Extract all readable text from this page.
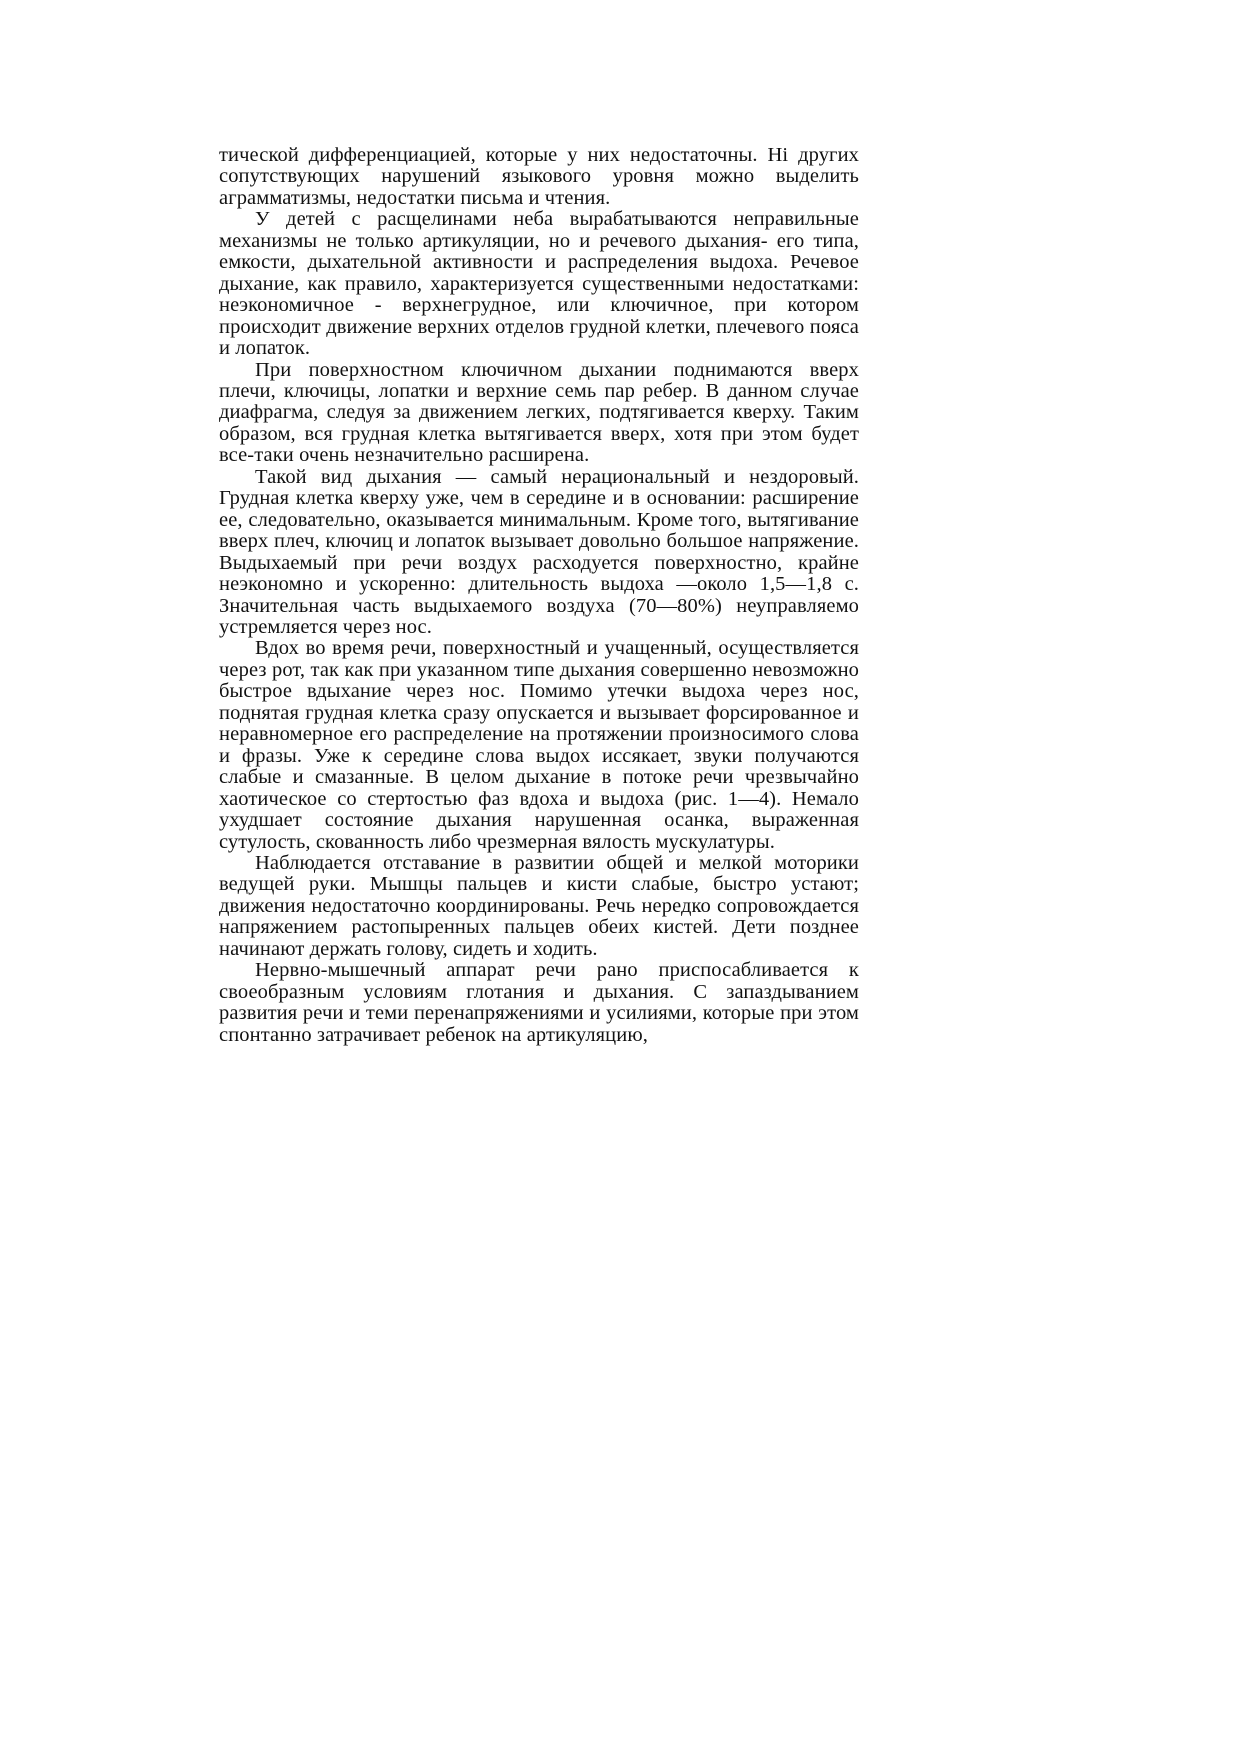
тической дифференциацией, которые у них недостаточны. Hi других сопутствующих нарушений языкового уровня можно выделить аграмматизмы, недостатки письма и чтения.

У детей с расщелинами неба вырабатываются неправильные механизмы не только артикуляции, но и речевого дыхания- его типа, емкости, дыхательной активности и распределения выдоха. Речевое дыхание, как правило, характеризуется существенными недостатками: неэкономичное - верхнегрудное, или ключичное, при котором происходит движение верхних отделов грудной клетки, плечевого пояса и лопаток.

При поверхностном ключичном дыхании поднимаются вверх плечи, ключицы, лопатки и верхние семь пар ребер. В данном случае диафрагма, следуя за движением легких, подтягивается кверху. Таким образом, вся грудная клетка вытягивается вверх, хотя при этом будет все-таки очень незначительно расширена.

Такой вид дыхания — самый нерациональный и нездоровый. Грудная клетка кверху уже, чем в середине и в основании: расширение ее, следовательно, оказывается минимальным. Кроме того, вытягивание вверх плеч, ключиц и лопаток вызывает довольно большое напряжение. Выдыхаемый при речи воздух расходуется поверхностно, крайне неэкономно и ускоренно: длительность выдоха —около 1,5—1,8 с. Значительная часть выдыхаемого воздуха (70—80%) неуправляемо устремляется через нос.

Вдох во время речи, поверхностный и учащенный, осуществляется через рот, так как при указанном типе дыхания совершенно невозможно быстрое вдыхание через нос. Помимо утечки выдоха через нос, поднятая грудная клетка сразу опускается и вызывает форсированное и неравномерное его распределение на протяжении произносимого слова и фразы. Уже к середине слова выдох иссякает, звуки получаются слабые и смазанные. В целом дыхание в потоке речи чрезвычайно хаотическое со стертостью фаз вдоха и выдоха (рис. 1—4). Немало ухудшает состояние дыхания нарушенная осанка, выраженная сутулость, скованность либо чрезмерная вялость мускулатуры.

Наблюдается отставание в развитии общей и мелкой моторики ведущей руки. Мышцы пальцев и кисти слабые, быстро устают; движения недостаточно координированы. Речь нередко сопровождается напряжением растопыренных пальцев обеих кистей. Дети позднее начинают держать голову, сидеть и ходить.

Нервно-мышечный аппарат речи рано приспосабливается к своеобразным условиям глотания и дыхания. С запаздыванием развития речи и теми перенапряжениями и усилиями, которые при этом спонтанно затрачивает ребенок на артикуляцию,
